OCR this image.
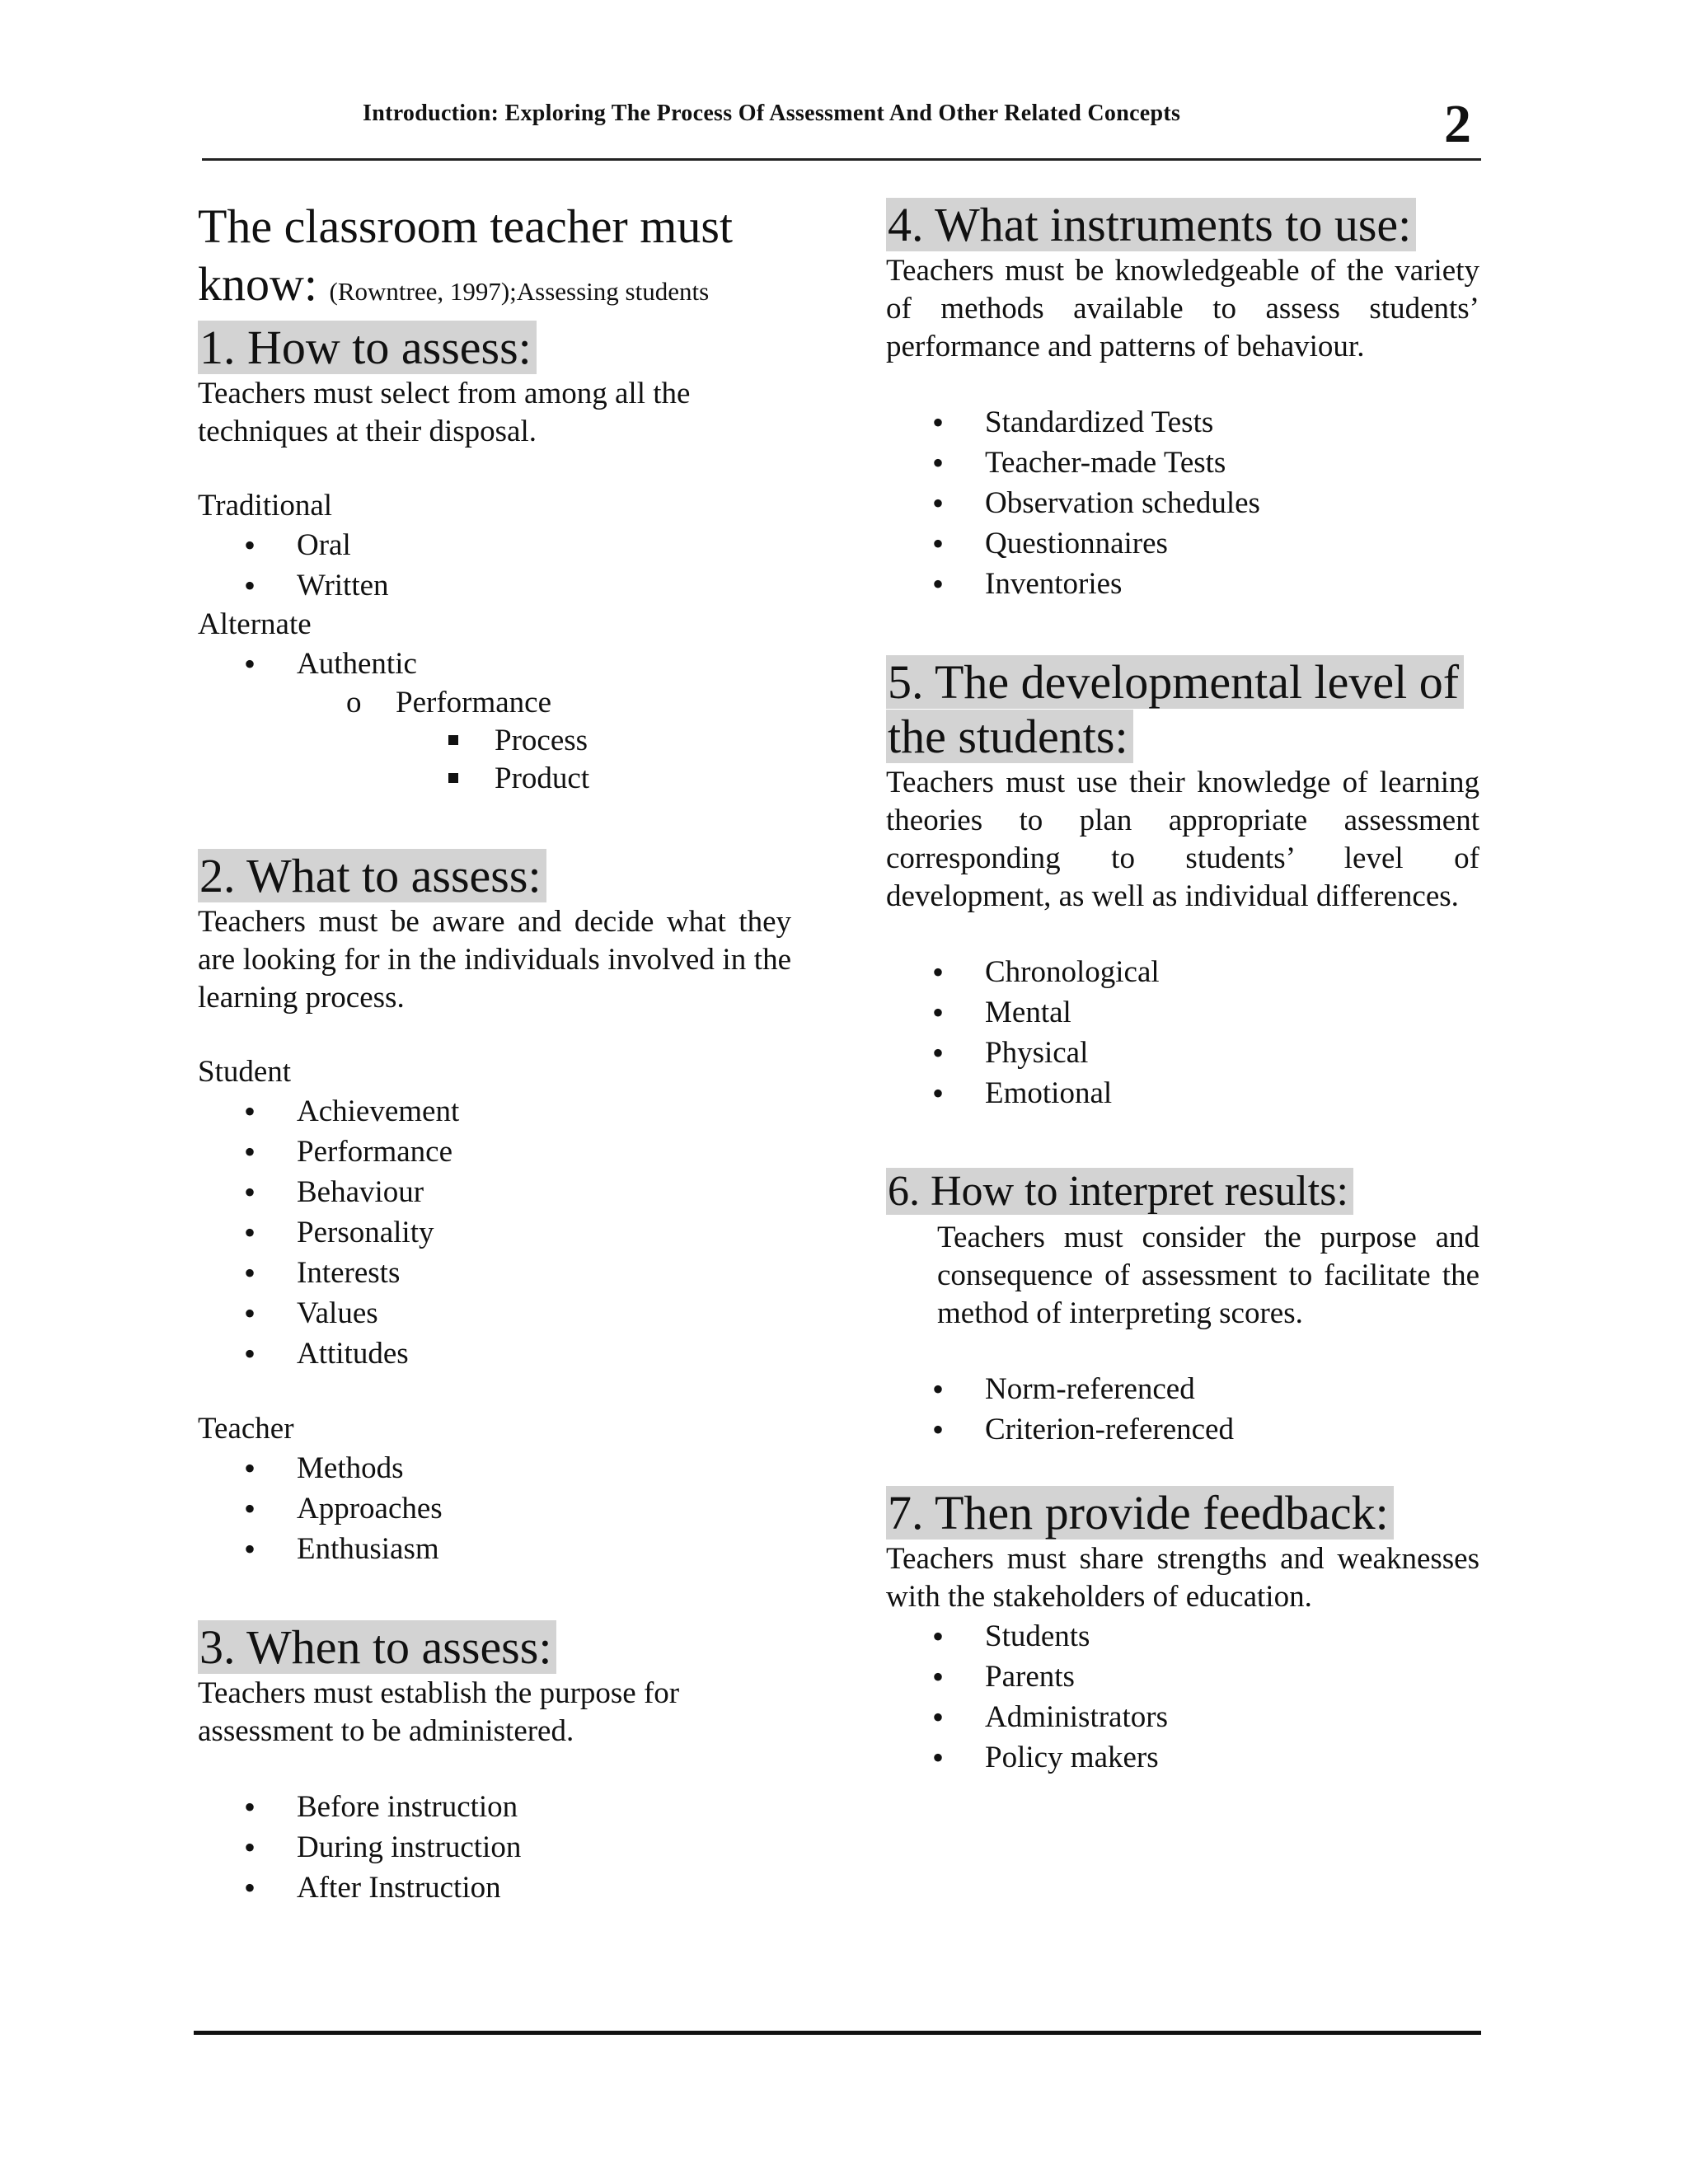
Introduction: Exploring The Process Of Assessment And Other Related Concepts	2

The classroom teacher must
know: (Rowntree, 1997);Assessing students

1. How to assess:

Teachers must select from among all the techniques at their disposal.

Traditional

• Oral
• Written

Alternate

• Authentic
o Performance
Process
Product

2. What to assess:

Teachers must be aware and decide what they are looking for in the individuals involved in the learning process.

Student

• Achievement
• Performance
• Behaviour
• Personality
• Interests
• Values
• Attitudes

Teacher

• Methods
• Approaches
• Enthusiasm

3. When to assess:

Teachers must establish the purpose for assessment to be administered.

• Before instruction
• During instruction
• After Instruction

4. What instruments to use:

Teachers must be knowledgeable of the variety of methods available to assess students’ performance and patterns of behaviour.

• Standardized Tests
• Teacher-made Tests
• Observation schedules
• Questionnaires
• Inventories

5. The developmental level of
the students:

Teachers must use their knowledge of learning theories to plan appropriate assessment corresponding to students’ level of development, as well as individual differences.

• Chronological
• Mental
• Physical
• Emotional

6. How to interpret results:

Teachers must consider the purpose and consequence of assessment to facilitate the method of interpreting scores.

• Norm-referenced
• Criterion-referenced

7. Then provide feedback:

Teachers must share strengths and weaknesses with the stakeholders of education.

• Students
• Parents
• Administrators
• Policy makers
